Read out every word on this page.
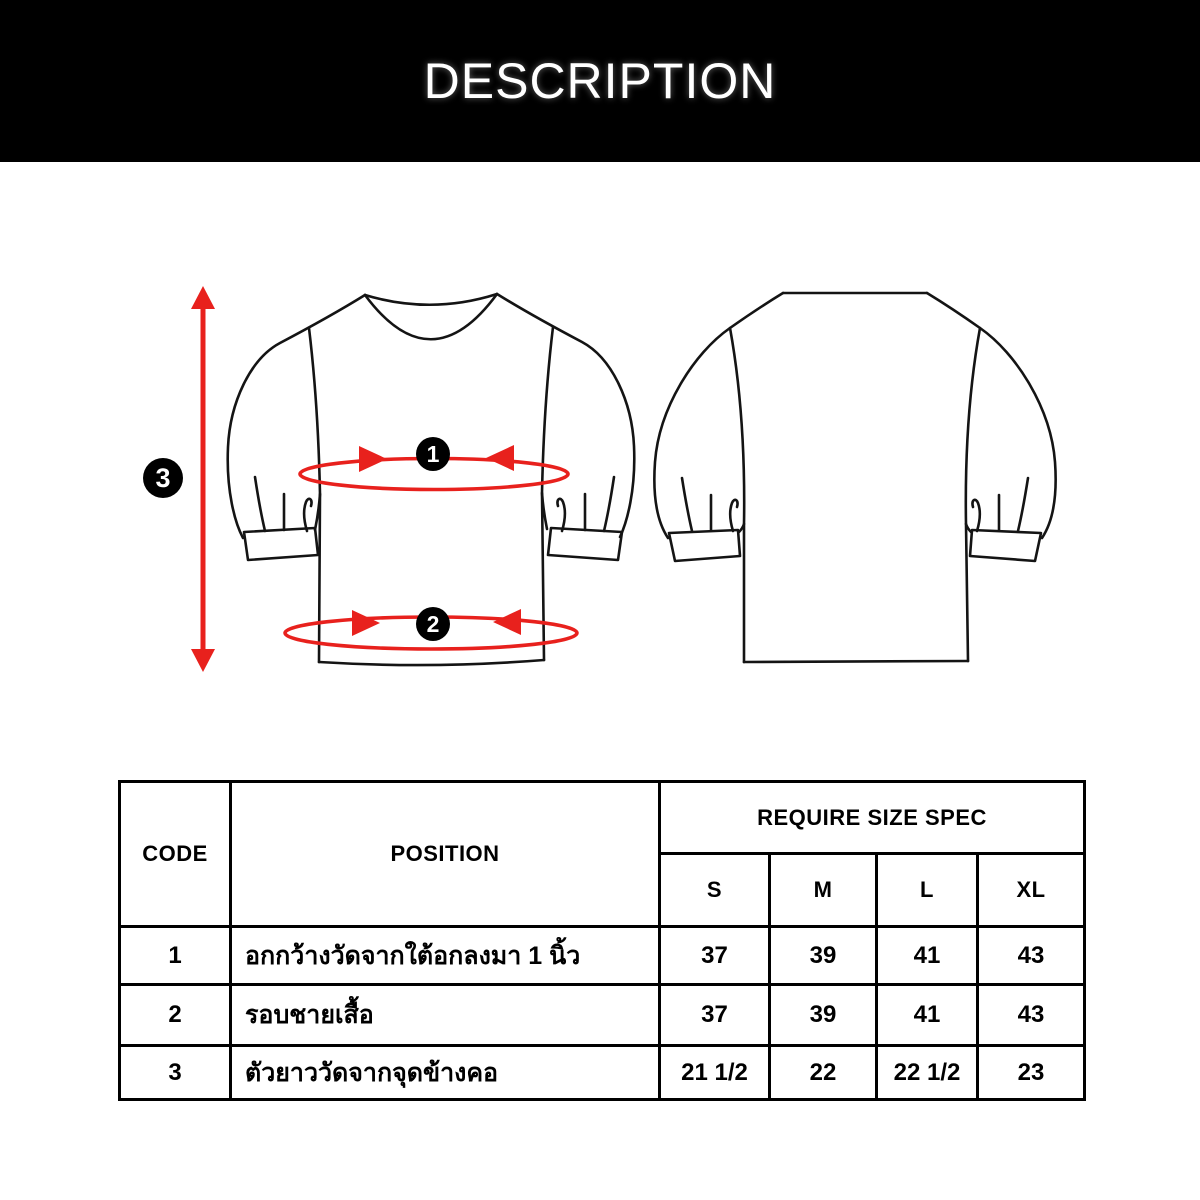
DESCRIPTION
1
2
3
CODE	POSITION	REQUIRE SIZE SPEC			
		S	M	L	XL
1	อกกว้างวัดจากใต้อกลงมา 1 นิ้ว	37	39	41	43
2	รอบชายเสื้อ	37	39	41	43
3	ตัวยาววัดจากจุดข้างคอ	21 1/2	22	22 1/2	23
